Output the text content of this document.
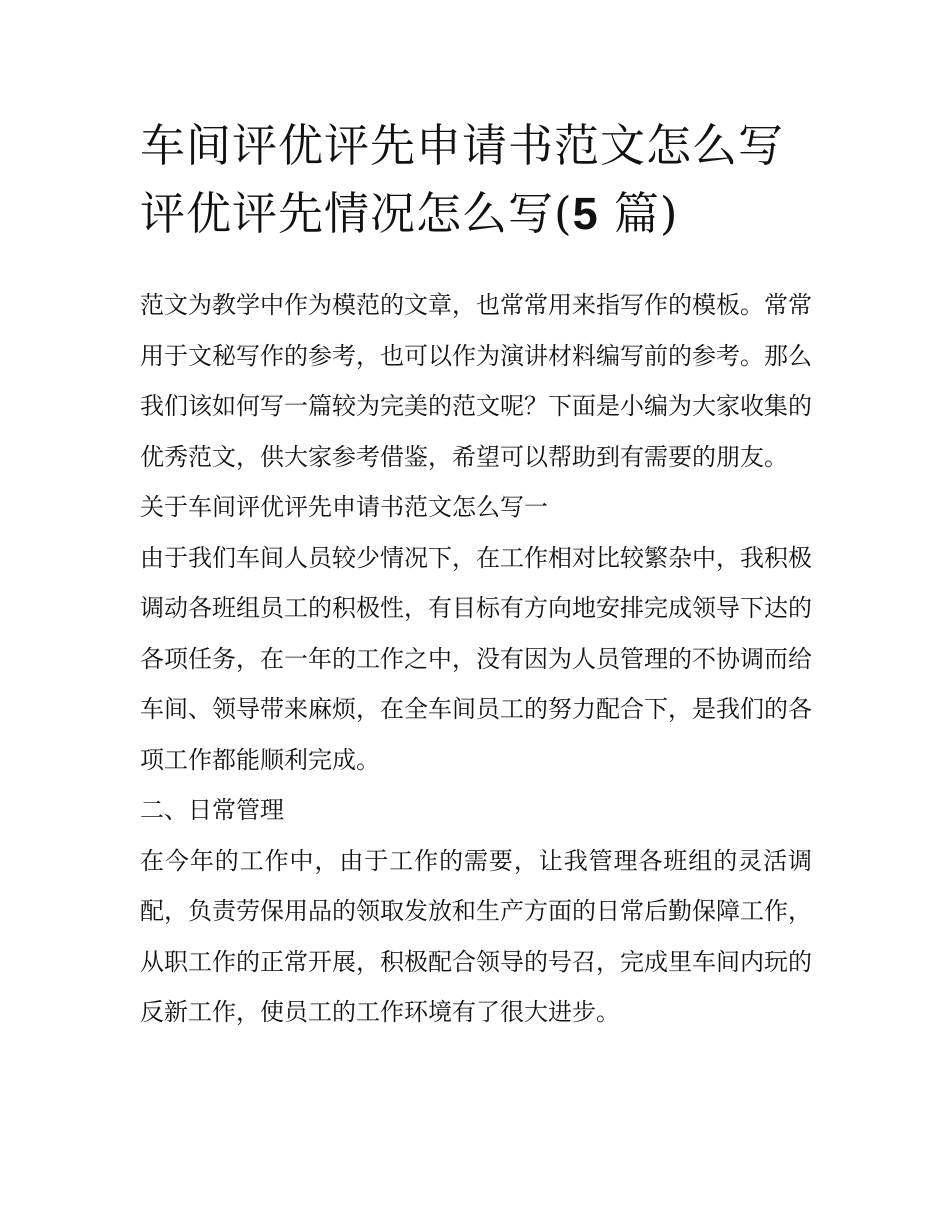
车间评优评先申请书范文怎么写 评优评先情况怎么写(5 篇)

范文为教学中作为模范的文章，也常常用来指写作的模板。常常用于文秘写作的参考，也可以作为演讲材料编写前的参考。那么我们该如何写一篇较为完美的范文呢？下面是小编为大家收集的优秀范文，供大家参考借鉴，希望可以帮助到有需要的朋友。

关于车间评优评先申请书范文怎么写一

由于我们车间人员较少情况下，在工作相对比较繁杂中，我积极调动各班组员工的积极性，有目标有方向地安排完成领导下达的各项任务，在一年的工作之中，没有因为人员管理的不协调而给车间、领导带来麻烦，在全车间员工的努力配合下，是我们的各项工作都能顺利完成。

二、日常管理

在今年的工作中，由于工作的需要，让我管理各班组的灵活调配，负责劳保用品的领取发放和生产方面的日常后勤保障工作，从职工作的正常开展，积极配合领导的号召，完成里车间内玩的反新工作，使员工的工作环境有了很大进步。
